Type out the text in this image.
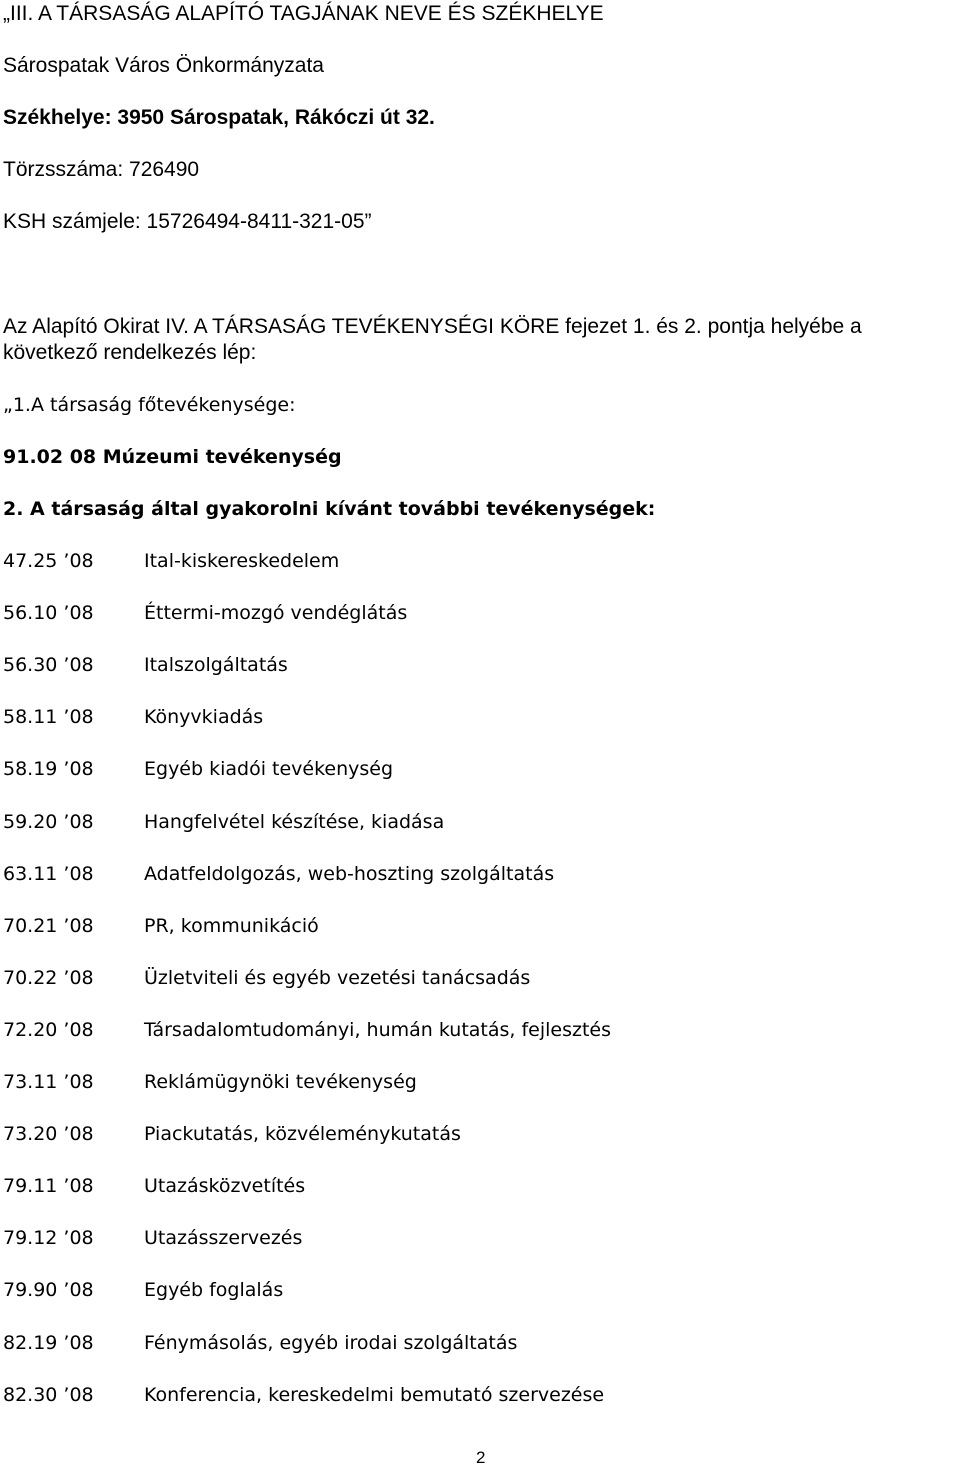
„III. A TÁRSASÁG ALAPÍTÓ TAGJÁNAK NEVE ÉS SZÉKHELYE
Sárospatak Város Önkormányzata
Székhelye: 3950 Sárospatak, Rákóczi út 32.
Törzsszáma: 726490
KSH számjele: 15726494-8411-321-05”
Az Alapító Okirat IV. A TÁRSASÁG TEVÉKENYSÉGI KÖRE fejezet 1. és 2. pontja helyébe a
következő rendelkezés lép:
„1.A társaság főtevékenysége:
91.02 08 Múzeumi tevékenység
2. A társaság által gyakorolni kívánt további tevékenységek:
47.25 ’08	Ital-kiskereskedelem
56.10 ’08	Éttermi-mozgó vendéglátás
56.30 ’08	Italszolgáltatás
58.11 ’08	Könyvkiadás
58.19 ’08	Egyéb kiadói tevékenység
59.20 ’08	Hangfelvétel készítése, kiadása
63.11 ’08	Adatfeldolgozás, web-hoszting szolgáltatás
70.21 ’08	PR, kommunikáció
70.22 ’08	Üzletviteli és egyéb vezetési tanácsadás
72.20 ’08	Társadalomtudományi, humán kutatás, fejlesztés
73.11 ’08	Reklámügynöki tevékenység
73.20 ’08	Piackutatás, közvéleménykutatás
79.11 ’08	Utazásközvetítés
79.12 ’08	Utazásszervezés
79.90 ’08	Egyéb foglalás
82.19 ’08	Fénymásolás, egyéb irodai szolgáltatás
82.30 ’08	Konferencia, kereskedelmi bemutató szervezése
2
